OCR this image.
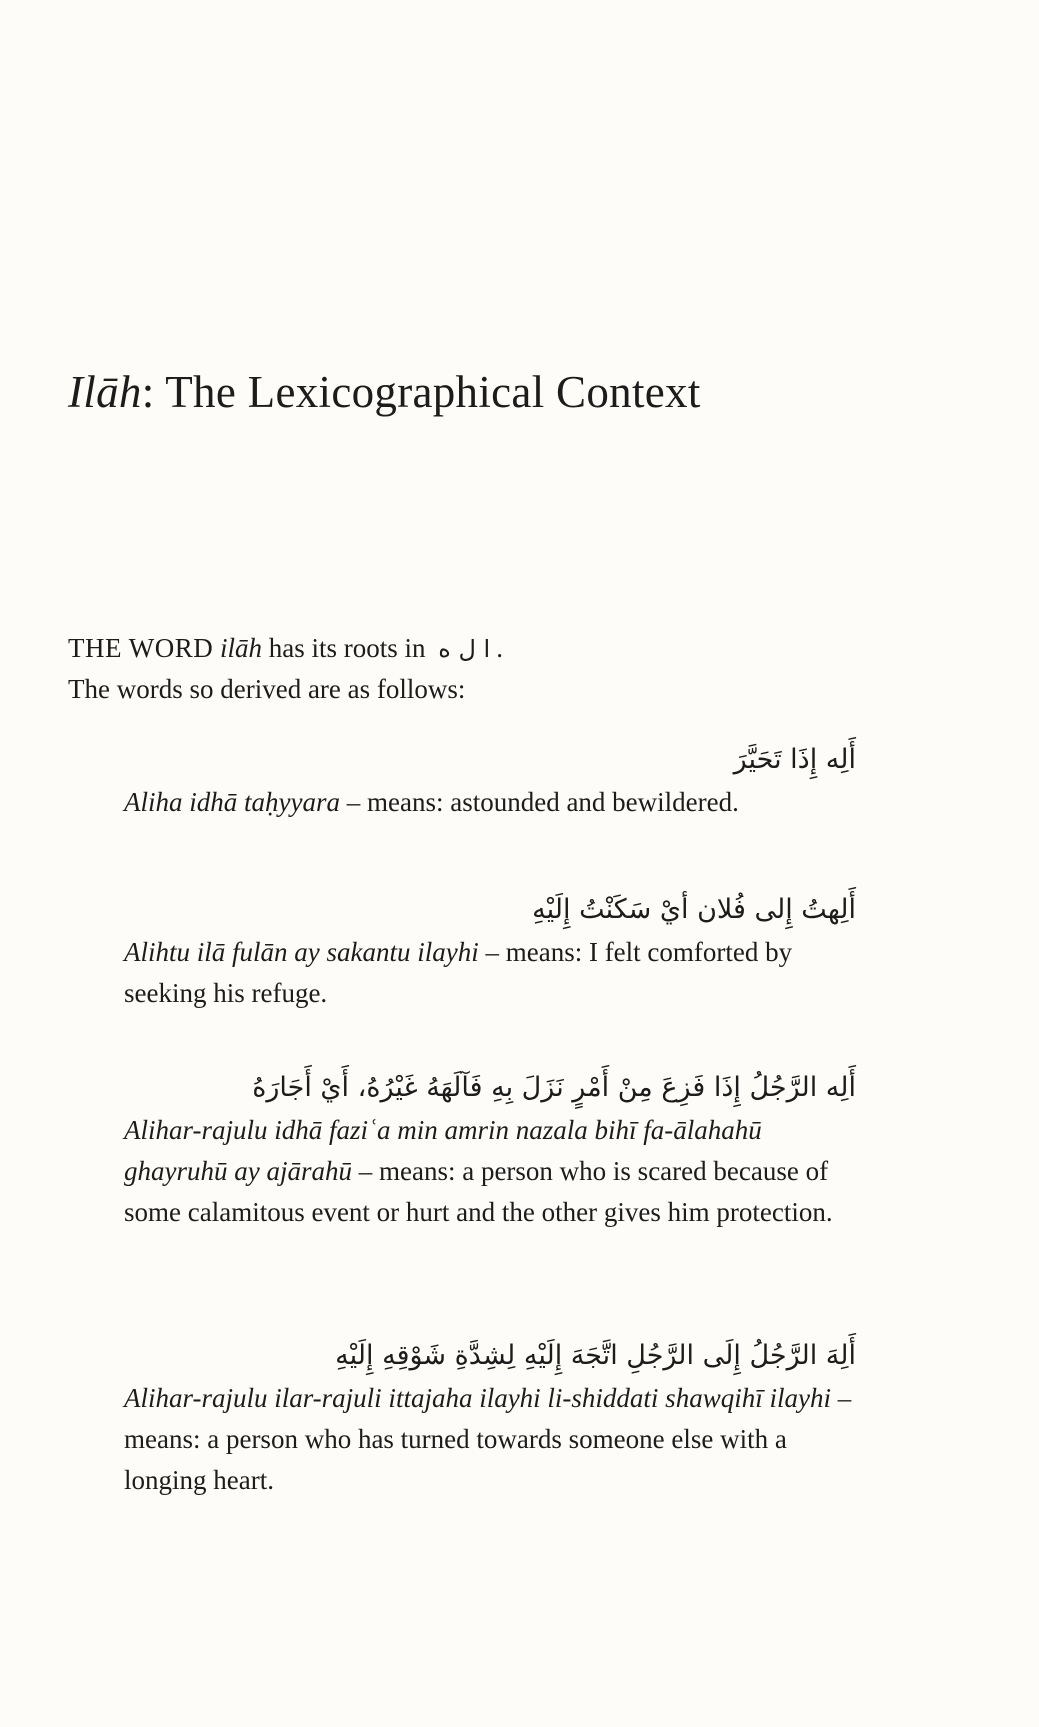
Ilāh: The Lexicographical Context
THE WORD ilāh has its roots in ا ل ه .
The words so derived are as follows:
أَلِه إِذَا تَحَيَّرَ
Aliha idhā taḥyyara – means: astounded and bewildered.
أَلِهتُ إِلى فُلان أيْ سَكَنْتُ إِلَيْهِ
Alihtu ilā fulān ay sakantu ilayhi – means: I felt comforted by seeking his refuge.
أَلِه الرَّجُلُ إِذَا فَزِعَ مِنْ أَمْرٍ نَزَلَ بِهِ فَآلَهَهُ غَيْرُهُ، أَيْ أَجَارَهُ
Alihar-rajulu idhā faziʿa min amrin nazala bihī fa-ālahahū ghayruhū ay ajārahū – means: a person who is scared because of some calamitous event or hurt and the other gives him protection.
أَلِهَ الرَّجُلُ إِلَى الرَّجُلِ اتَّجَهَ إِلَيْهِ لِشِدَّةِ شَوْقِهِ إِلَيْهِ
Alihar-rajulu ilar-rajuli ittajaha ilayhi li-shiddati shawqihī ilayhi – means: a person who has turned towards someone else with a longing heart.
